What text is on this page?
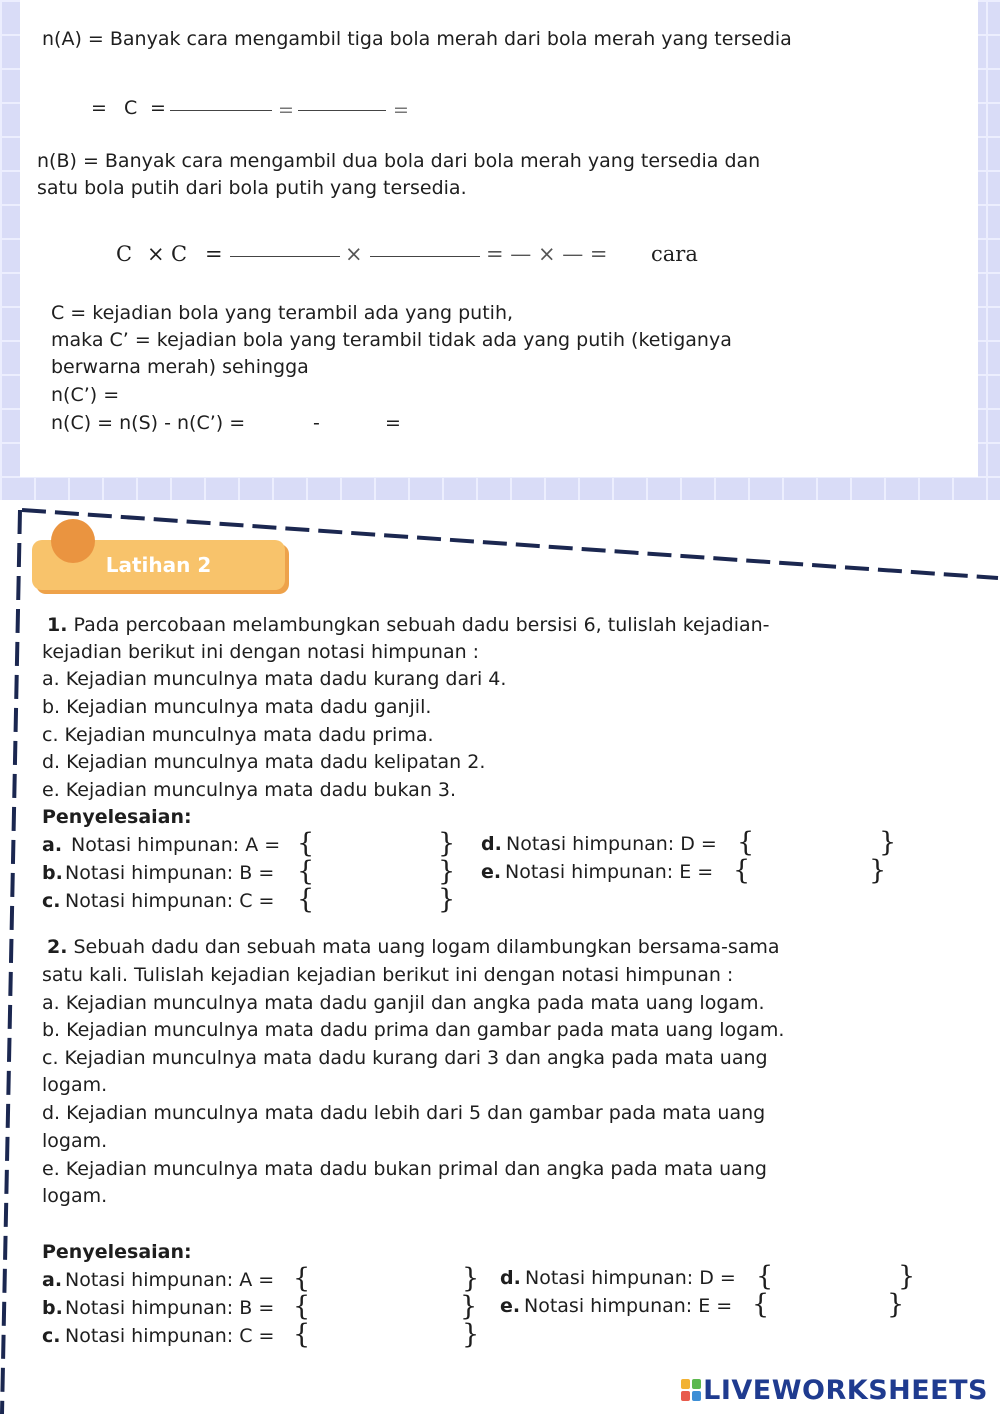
n(A) = Banyak cara mengambil tiga bola merah dari bola merah yang tersedia
= C =	=	=
n(B) = Banyak cara mengambil dua bola dari bola merah yang tersedia dan
satu bola putih dari bola putih yang tersedia.
C × C =	×	= — × — = cara
C = kejadian bola yang terambil ada yang putih,
maka C’ = kejadian bola yang terambil tidak ada yang putih (ketiganya
berwarna merah) sehingga
n(C’) =
n(C) = n(S) - n(C’) =	-	=
Latihan 2
1. Pada percobaan melambungkan sebuah dadu bersisi 6, tulislah kejadian-
kejadian berikut ini dengan notasi himpunan :
a. Kejadian munculnya mata dadu kurang dari 4.
b. Kejadian munculnya mata dadu ganjil.
c. Kejadian munculnya mata dadu prima.
d. Kejadian munculnya mata dadu kelipatan 2.
e. Kejadian munculnya mata dadu bukan 3.
Penyelesaian:
a. Notasi himpunan: A = {	}
b. Notasi himpunan: B = {	}
c. Notasi himpunan: C = {	}
d. Notasi himpunan: D = {	}
e. Notasi himpunan: E = {	}
2. Sebuah dadu dan sebuah mata uang logam dilambungkan bersama-sama
satu kali. Tulislah kejadian kejadian berikut ini dengan notasi himpunan :
a. Kejadian munculnya mata dadu ganjil dan angka pada mata uang logam.
b. Kejadian munculnya mata dadu prima dan gambar pada mata uang logam.
c. Kejadian munculnya mata dadu kurang dari 3 dan angka pada mata uang
logam.
d. Kejadian munculnya mata dadu lebih dari 5 dan gambar pada mata uang
logam.
e. Kejadian munculnya mata dadu bukan primal dan angka pada mata uang
logam.
Penyelesaian:
a. Notasi himpunan: A = {	}
b. Notasi himpunan: B = {	}
c. Notasi himpunan: C = {	}
d. Notasi himpunan: D = {	}
e. Notasi himpunan: E = {	}
LIVEWORKSHEETS
